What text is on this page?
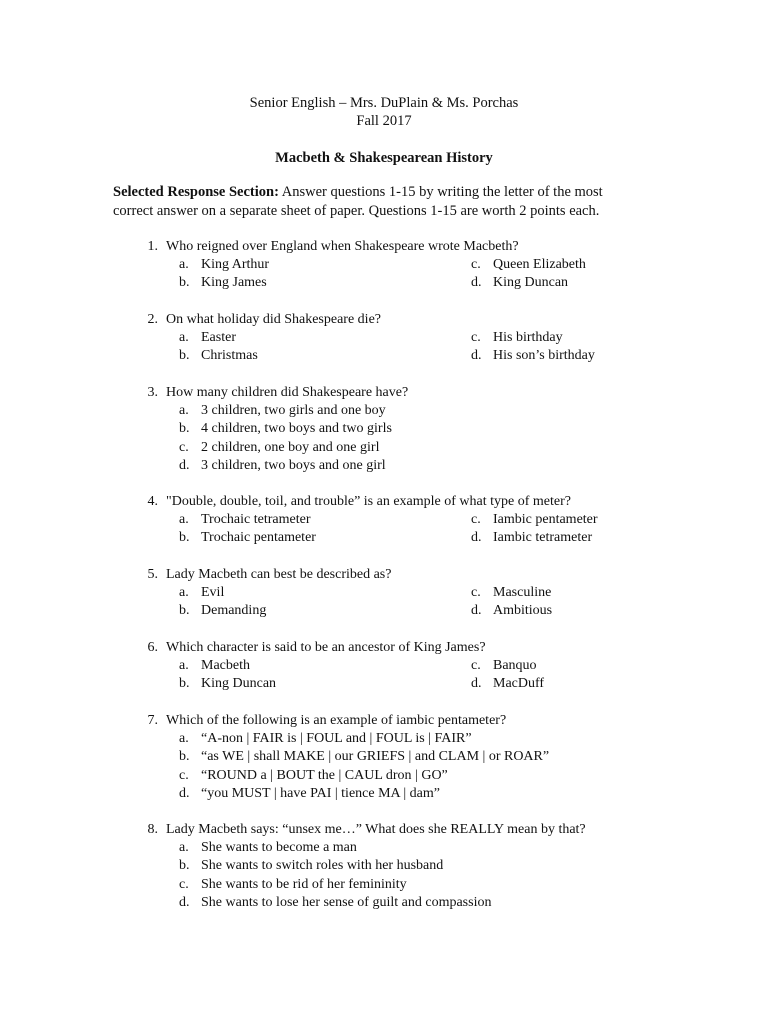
Senior English – Mrs. DuPlain & Ms. Porchas
Fall 2017
Macbeth & Shakespearean History
Selected Response Section: Answer questions 1-15 by writing the letter of the most correct answer on a separate sheet of paper. Questions 1-15 are worth 2 points each.
1. Who reigned over England when Shakespeare wrote Macbeth?
a. King Arthur	c. Queen Elizabeth
b. King James	d. King Duncan
2. On what holiday did Shakespeare die?
a. Easter	c. His birthday
b. Christmas	d. His son’s birthday
3. How many children did Shakespeare have?
a. 3 children, two girls and one boy
b. 4 children, two boys and two girls
c. 2 children, one boy and one girl
d. 3 children, two boys and one girl
4. "Double, double, toil, and trouble” is an example of what type of meter?
a. Trochaic tetrameter	c. Iambic pentameter
b. Trochaic pentameter	d. Iambic tetrameter
5. Lady Macbeth can best be described as?
a. Evil	c. Masculine
b. Demanding	d. Ambitious
6. Which character is said to be an ancestor of King James?
a. Macbeth	c. Banquo
b. King Duncan	d. MacDuff
7. Which of the following is an example of iambic pentameter?
a. “A-non | FAIR is | FOUL and | FOUL is | FAIR”
b. “as WE | shall MAKE | our GRIEFS | and CLAM | or ROAR”
c. “ROUND a | BOUT the | CAUL dron | GO”
d. “you MUST | have PAI | tience MA | dam”
8. Lady Macbeth says: “unsex me…” What does she REALLY mean by that?
a. She wants to become a man
b. She wants to switch roles with her husband
c. She wants to be rid of her femininity
d. She wants to lose her sense of guilt and compassion
